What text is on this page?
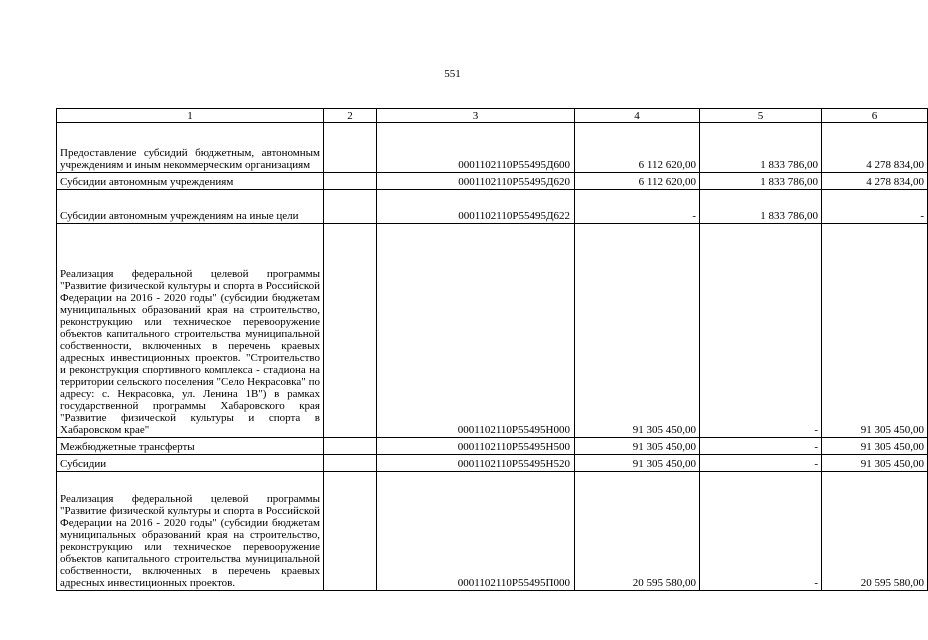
551
1	2	3	4	5	6
Предоставление субсидий бюджетным, автономным учреждениям и иным некоммерческим организациям		0001102110P55495Д600	6 112 620,00	1 833 786,00	4 278 834,00
Субсидии автономным учреждениям		0001102110P55495Д620	6 112 620,00	1 833 786,00	4 278 834,00
Субсидии автономным учреждениям на иные цели		0001102110P55495Д622	-	1 833 786,00	-
Реализация федеральной целевой программы "Развитие физической культуры и спорта в Российской Федерации на 2016 - 2020 годы" (субсидии бюджетам муниципальных образований края на строительство, реконструкцию или техническое перевооружение объектов капитального строительства муниципальной собственности, включенных в перечень краевых адресных инвестиционных проектов. "Строительство и реконструкция спортивного комплекса - стадиона на территории сельского поселения "Село Некрасовка" по адресу: с. Некрасовка, ул. Ленина 1В") в рамках государственной программы Хабаровского края "Развитие физической культуры и спорта в Хабаровском крае"		0001102110P55495Н000	91 305 450,00	-	91 305 450,00
Межбюджетные трансферты		0001102110P55495Н500	91 305 450,00	-	91 305 450,00
Субсидии		0001102110P55495Н520	91 305 450,00	-	91 305 450,00
Реализация федеральной целевой программы "Развитие физической культуры и спорта в Российской Федерации на 2016 - 2020 годы" (субсидии бюджетам муниципальных образований края на строительство, реконструкцию или техническое перевооружение объектов капитального строительства муниципальной собственности, включенных в перечень краевых адресных инвестиционных проектов.		0001102110P55495П000	20 595 580,00	-	20 595 580,00
